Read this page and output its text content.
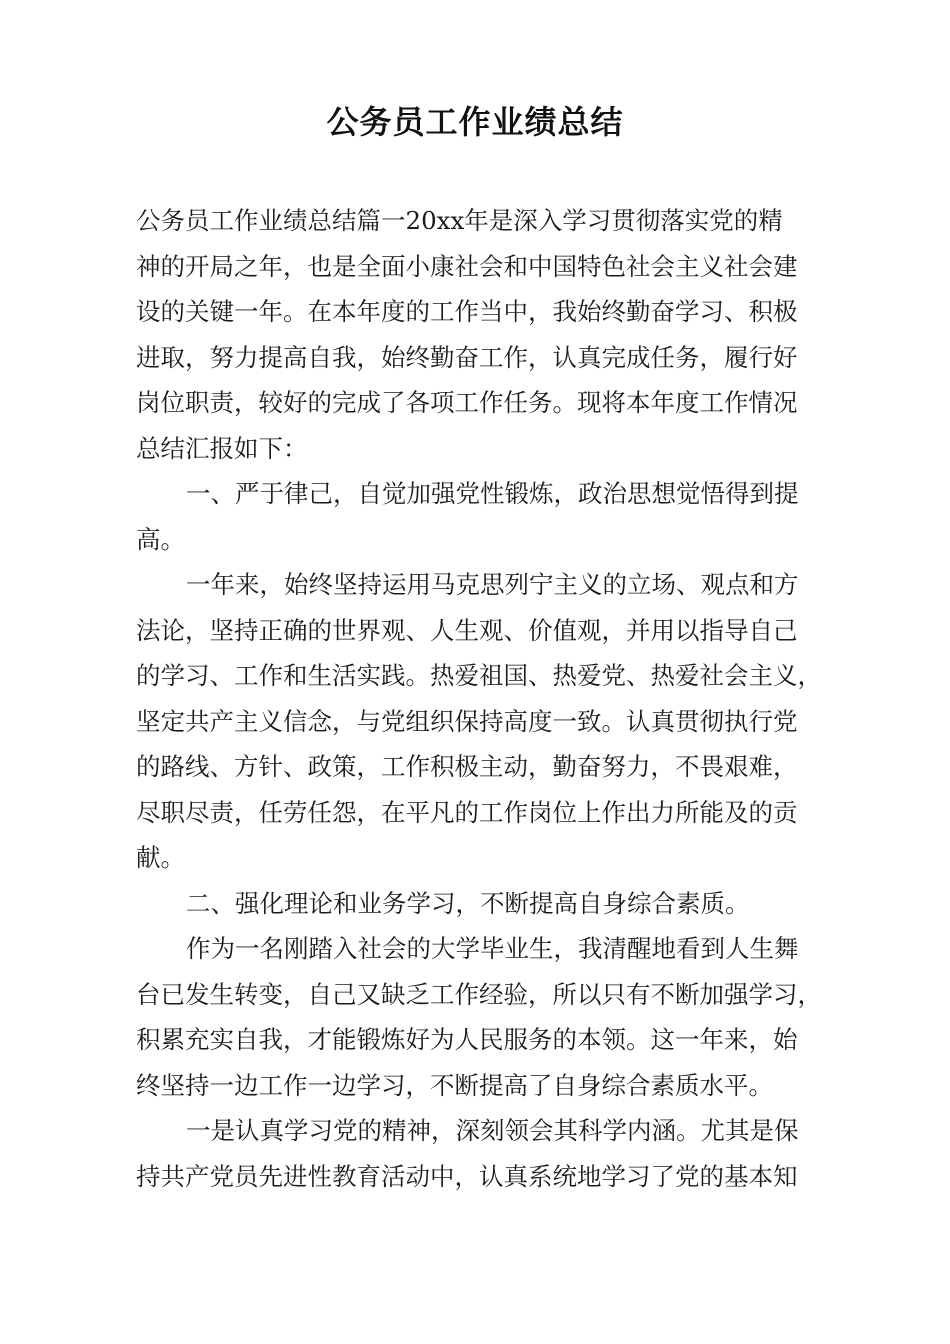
公务员工作业绩总结
公务员工作业绩总结篇一20xx年是深入学习贯彻落实党的精
神的开局之年，也是全面小康社会和中国特色社会主义社会建
设的关键一年。在本年度的工作当中，我始终勤奋学习、积极
进取，努力提高自我，始终勤奋工作，认真完成任务，履行好
岗位职责，较好的完成了各项工作任务。现将本年度工作情况
总结汇报如下：
一、严于律己，自觉加强党性锻炼，政治思想觉悟得到提
高。
一年来，始终坚持运用马克思列宁主义的立场、观点和方
法论，坚持正确的世界观、人生观、价值观，并用以指导自己
的学习、工作和生活实践。热爱祖国、热爱党、热爱社会主义，
坚定共产主义信念，与党组织保持高度一致。认真贯彻执行党
的路线、方针、政策，工作积极主动，勤奋努力，不畏艰难，
尽职尽责，任劳任怨，在平凡的工作岗位上作出力所能及的贡
献。
二、强化理论和业务学习，不断提高自身综合素质。
作为一名刚踏入社会的大学毕业生，我清醒地看到人生舞
台已发生转变，自己又缺乏工作经验，所以只有不断加强学习，
积累充实自我，才能锻炼好为人民服务的本领。这一年来，始
终坚持一边工作一边学习，不断提高了自身综合素质水平。
一是认真学习党的精神，深刻领会其科学内涵。尤其是保
持共产党员先进性教育活动中，认真系统地学习了党的基本知
